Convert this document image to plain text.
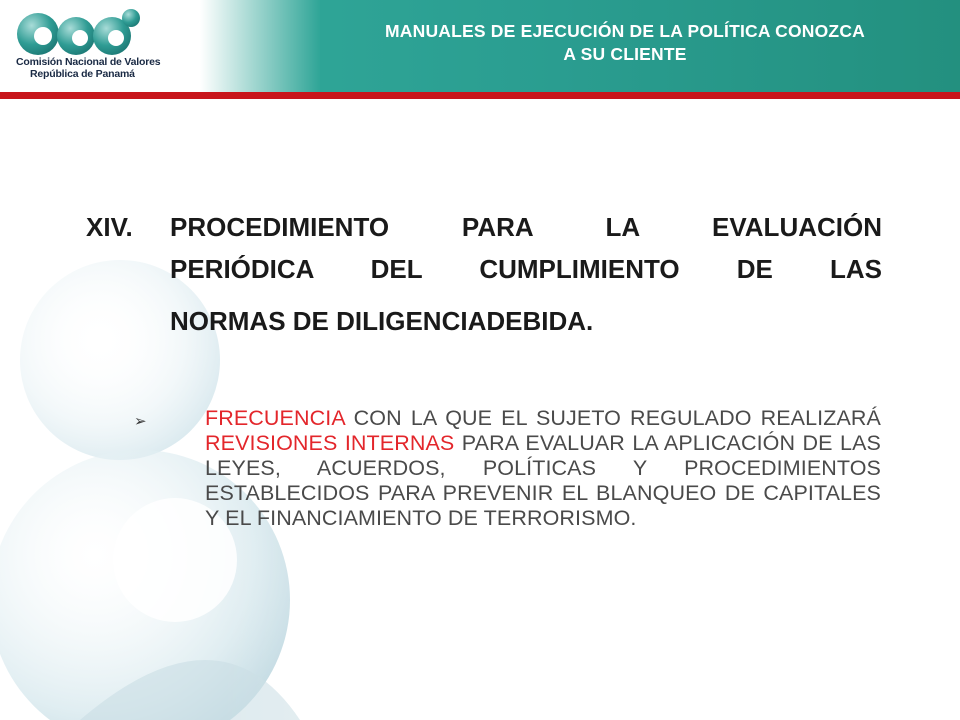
MANUALES DE EJECUCIÓN DE LA POLÍTICA CONOZCA
A SU CLIENTE
Comisión Nacional de Valores
República de Panamá
XIV. PROCEDIMIENTO	PARA	LA	EVALUACIÓN
PERIÓDICA DEL CUMPLIMIENTO DE LAS
NORMAS DE DILIGENCIADEBIDA.
➢	FRECUENCIA CON LA QUE EL SUJETO REGULADO REALIZARÁ REVISIONES INTERNAS PARA EVALUAR LA APLICACIÓN DE LAS LEYES, ACUERDOS, POLÍTICAS Y PROCEDIMIENTOS ESTABLECIDOS PARA PREVENIR EL BLANQUEO DE CAPITALES Y EL FINANCIAMIENTO DE TERRORISMO.
